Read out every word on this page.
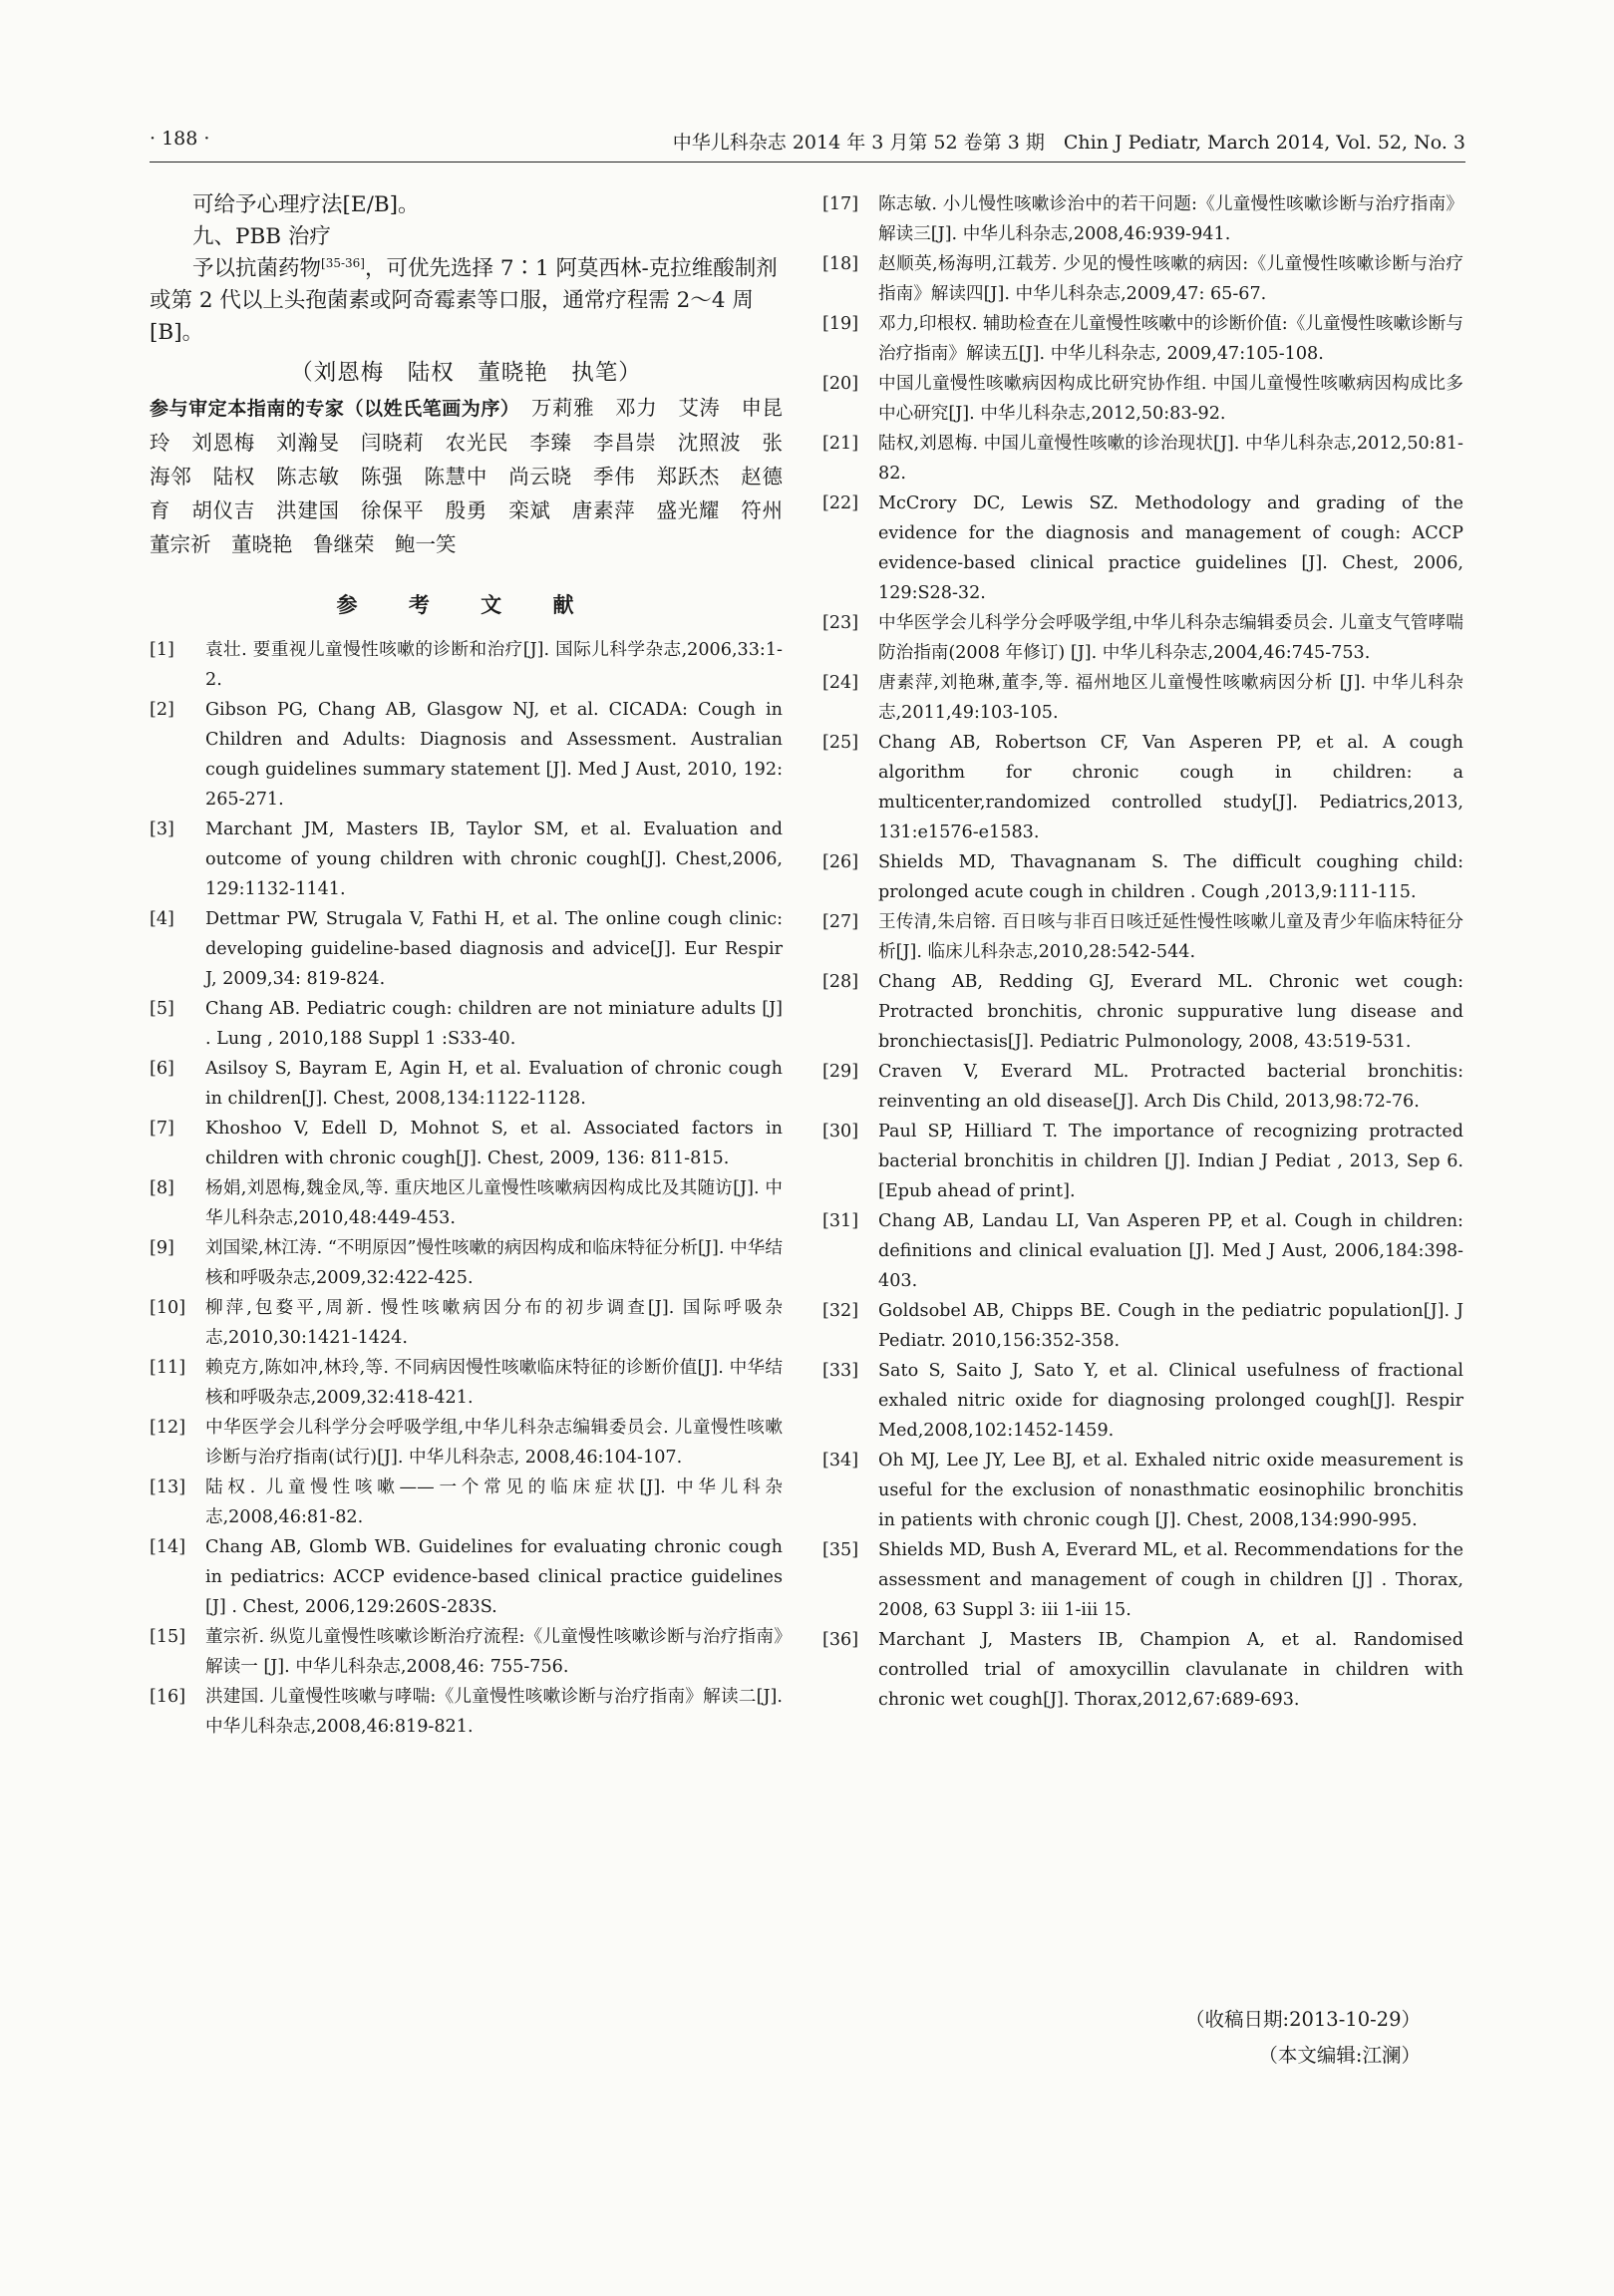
· 188 ·	中华儿科杂志 2014 年 3 月第 52 卷第 3 期　Chin J Pediatr, March 2014, Vol. 52, No. 3

可给予心理疗法[E/B]。

九、PBB 治疗

予以抗菌药物[35-36]，可优先选择 7∶1 阿莫西林-克拉维酸制剂或第 2 代以上头孢菌素或阿奇霉素等口服，通常疗程需 2～4 周[B]。

（刘恩梅　陆权　董晓艳　执笔）

参与审定本指南的专家（以姓氏笔画为序）　 万莉雅　邓力　艾涛　申昆玲　刘恩梅　刘瀚旻　闫晓莉　农光民　李臻　李昌崇　沈照波　张海邻　陆权　陈志敏　陈强　陈慧中　尚云晓　季伟　郑跃杰　赵德育　胡仪吉　洪建国　徐保平　殷勇　栾斌　唐素萍　盛光耀　符州　董宗祈　董晓艳　鲁继荣　鲍一笑

参 考 文 献
[1]	袁壮. 要重视儿童慢性咳嗽的诊断和治疗[J]. 国际儿科学杂志,2006,33:1-2.
[2]	Gibson PG, Chang AB, Glasgow NJ, et al. CICADA: Cough in Children and Adults: Diagnosis and Assessment. Australian cough guidelines summary statement [J]. Med J Aust, 2010, 192: 265-271.
[3]	Marchant JM, Masters IB, Taylor SM, et al. Evaluation and outcome of young children with chronic cough[J]. Chest,2006, 129:1132-1141.
[4]	Dettmar PW, Strugala V, Fathi H, et al. The online cough clinic: developing guideline-based diagnosis and advice[J]. Eur Respir J, 2009,34: 819-824.
[5]	Chang AB. Pediatric cough: children are not miniature adults [J] . Lung , 2010,188 Suppl 1 :S33-40.
[6]	Asilsoy S, Bayram E, Agin H, et al. Evaluation of chronic cough in children[J]. Chest, 2008,134:1122-1128.
[7]	Khoshoo V, Edell D, Mohnot S, et al. Associated factors in children with chronic cough[J]. Chest, 2009, 136: 811-815.
[8]	杨娟,刘恩梅,魏金凤,等. 重庆地区儿童慢性咳嗽病因构成比及其随访[J]. 中华儿科杂志,2010,48:449-453.
[9]	刘国梁,林江涛. “不明原因”慢性咳嗽的病因构成和临床特征分析[J]. 中华结核和呼吸杂志,2009,32:422-425.
[10]	柳萍,包婺平,周新. 慢性咳嗽病因分布的初步调查[J]. 国际呼吸杂志,2010,30:1421-1424.
[11]	赖克方,陈如冲,林玲,等. 不同病因慢性咳嗽临床特征的诊断价值[J]. 中华结核和呼吸杂志,2009,32:418-421.
[12]	中华医学会儿科学分会呼吸学组,中华儿科杂志编辑委员会. 儿童慢性咳嗽诊断与治疗指南(试行)[J]. 中华儿科杂志, 2008,46:104-107.
[13]	陆权. 儿童慢性咳嗽——一个常见的临床症状[J]. 中华儿科杂志,2008,46:81-82.
[14]	Chang AB, Glomb WB. Guidelines for evaluating chronic cough in pediatrics: ACCP evidence-based clinical practice guidelines [J] . Chest, 2006,129:260S-283S.
[15]	董宗祈. 纵览儿童慢性咳嗽诊断治疗流程:《儿童慢性咳嗽诊断与治疗指南》解读一 [J]. 中华儿科杂志,2008,46: 755-756.
[16]	洪建国. 儿童慢性咳嗽与哮喘:《儿童慢性咳嗽诊断与治疗指南》解读二[J]. 中华儿科杂志,2008,46:819-821.
[17]	陈志敏. 小儿慢性咳嗽诊治中的若干问题:《儿童慢性咳嗽诊断与治疗指南》解读三[J]. 中华儿科杂志,2008,46:939-941.
[18]	赵顺英,杨海明,江载芳. 少见的慢性咳嗽的病因:《儿童慢性咳嗽诊断与治疗指南》解读四[J]. 中华儿科杂志,2009,47: 65-67.
[19]	邓力,印根权. 辅助检查在儿童慢性咳嗽中的诊断价值:《儿童慢性咳嗽诊断与治疗指南》解读五[J]. 中华儿科杂志, 2009,47:105-108.
[20]	中国儿童慢性咳嗽病因构成比研究协作组. 中国儿童慢性咳嗽病因构成比多中心研究[J]. 中华儿科杂志,2012,50:83-92.
[21]	陆权,刘恩梅. 中国儿童慢性咳嗽的诊治现状[J]. 中华儿科杂志,2012,50:81-82.
[22]	McCrory DC, Lewis SZ. Methodology and grading of the evidence for the diagnosis and management of cough: ACCP evidence-based clinical practice guidelines [J]. Chest, 2006, 129:S28-32.
[23]	中华医学会儿科学分会呼吸学组,中华儿科杂志编辑委员会. 儿童支气管哮喘防治指南(2008 年修订) [J]. 中华儿科杂志,2004,46:745-753.
[24]	唐素萍,刘艳琳,董李,等. 福州地区儿童慢性咳嗽病因分析 [J]. 中华儿科杂志,2011,49:103-105.
[25]	Chang AB, Robertson CF, Van Asperen PP, et al. A cough algorithm for chronic cough in children: a multicenter,randomized controlled study[J]. Pediatrics,2013, 131:e1576-e1583.
[26]	Shields MD, Thavagnanam S. The difficult coughing child: prolonged acute cough in children . Cough ,2013,9:111-115.
[27]	王传清,朱启镕. 百日咳与非百日咳迁延性慢性咳嗽儿童及青少年临床特征分析[J]. 临床儿科杂志,2010,28:542-544.
[28]	Chang AB, Redding GJ, Everard ML. Chronic wet cough: Protracted bronchitis, chronic suppurative lung disease and bronchiectasis[J]. Pediatric Pulmonology, 2008, 43:519-531.
[29]	Craven V, Everard ML. Protracted bacterial bronchitis: reinventing an old disease[J]. Arch Dis Child, 2013,98:72-76.
[30]	Paul SP, Hilliard T. The importance of recognizing protracted bacterial bronchitis in children [J]. Indian J Pediat , 2013, Sep 6. [Epub ahead of print].
[31]	Chang AB, Landau LI, Van Asperen PP, et al. Cough in children: definitions and clinical evaluation [J]. Med J Aust, 2006,184:398-403.
[32]	Goldsobel AB, Chipps BE. Cough in the pediatric population[J]. J Pediatr. 2010,156:352-358.
[33]	Sato S, Saito J, Sato Y, et al. Clinical usefulness of fractional exhaled nitric oxide for diagnosing prolonged cough[J]. Respir Med,2008,102:1452-1459.
[34]	Oh MJ, Lee JY, Lee BJ, et al. Exhaled nitric oxide measurement is useful for the exclusion of nonasthmatic eosinophilic bronchitis in patients with chronic cough [J]. Chest, 2008,134:990-995.
[35]	Shields MD, Bush A, Everard ML, et al. Recommendations for the assessment and management of cough in children [J] . Thorax, 2008, 63 Suppl 3: iii 1-iii 15.
[36]	Marchant J, Masters IB, Champion A, et al. Randomised controlled trial of amoxycillin clavulanate in children with chronic wet cough[J]. Thorax,2012,67:689-693.
（收稿日期:2013-10-29）
（本文编辑:江澜）
